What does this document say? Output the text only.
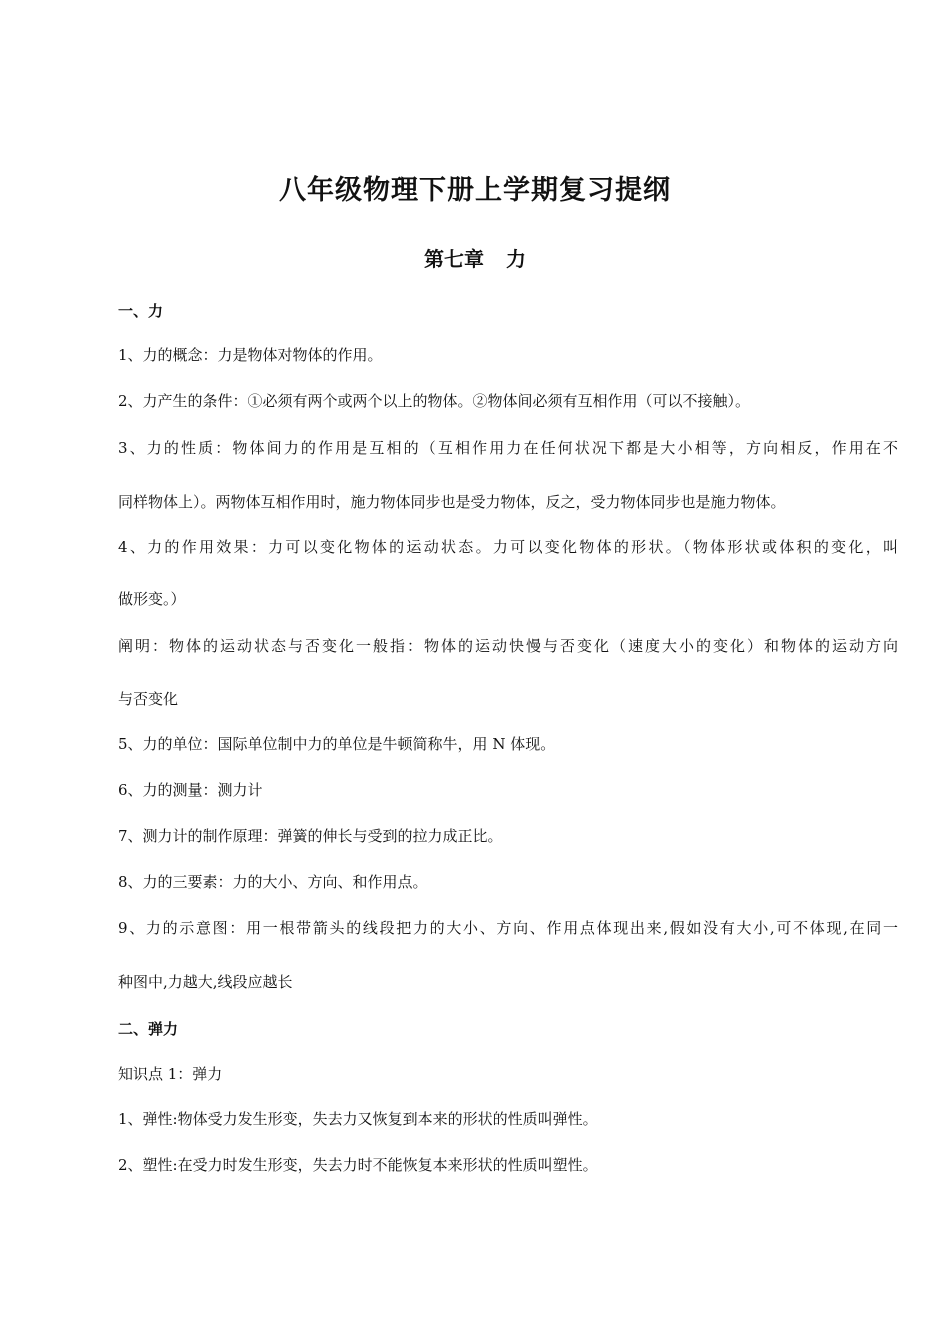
八年级物理下册上学期复习提纲
第七章 力
一、力
1、力的概念：力是物体对物体的作用。
2、力产生的条件：①必须有两个或两个以上的物体。②物体间必须有互相作用（可以不接触）。
3、力的性质：物体间力的作用是互相的（互相作用力在任何状况下都是大小相等，方向相反，作用在不
同样物体上）。两物体互相作用时，施力物体同步也是受力物体，反之，受力物体同步也是施力物体。
4、力的作用效果：力可以变化物体的运动状态。力可以变化物体的形状。（物体形状或体积的变化，叫
做形变。）
阐明：物体的运动状态与否变化一般指：物体的运动快慢与否变化（速度大小的变化）和物体的运动方向
与否变化
5、力的单位：国际单位制中力的单位是牛顿简称牛，用 N 体现。
6、力的测量：测力计
7、测力计的制作原理：弹簧的伸长与受到的拉力成正比。
8、力的三要素：力的大小、方向、和作用点。
9、力的示意图：用一根带箭头的线段把力的大小、方向、作用点体现出来,假如没有大小,可不体现,在同一
种图中,力越大,线段应越长
二、弹力
知识点 1：弹力
1、弹性:物体受力发生形变，失去力又恢复到本来的形状的性质叫弹性。
2、塑性:在受力时发生形变，失去力时不能恢复本来形状的性质叫塑性。
